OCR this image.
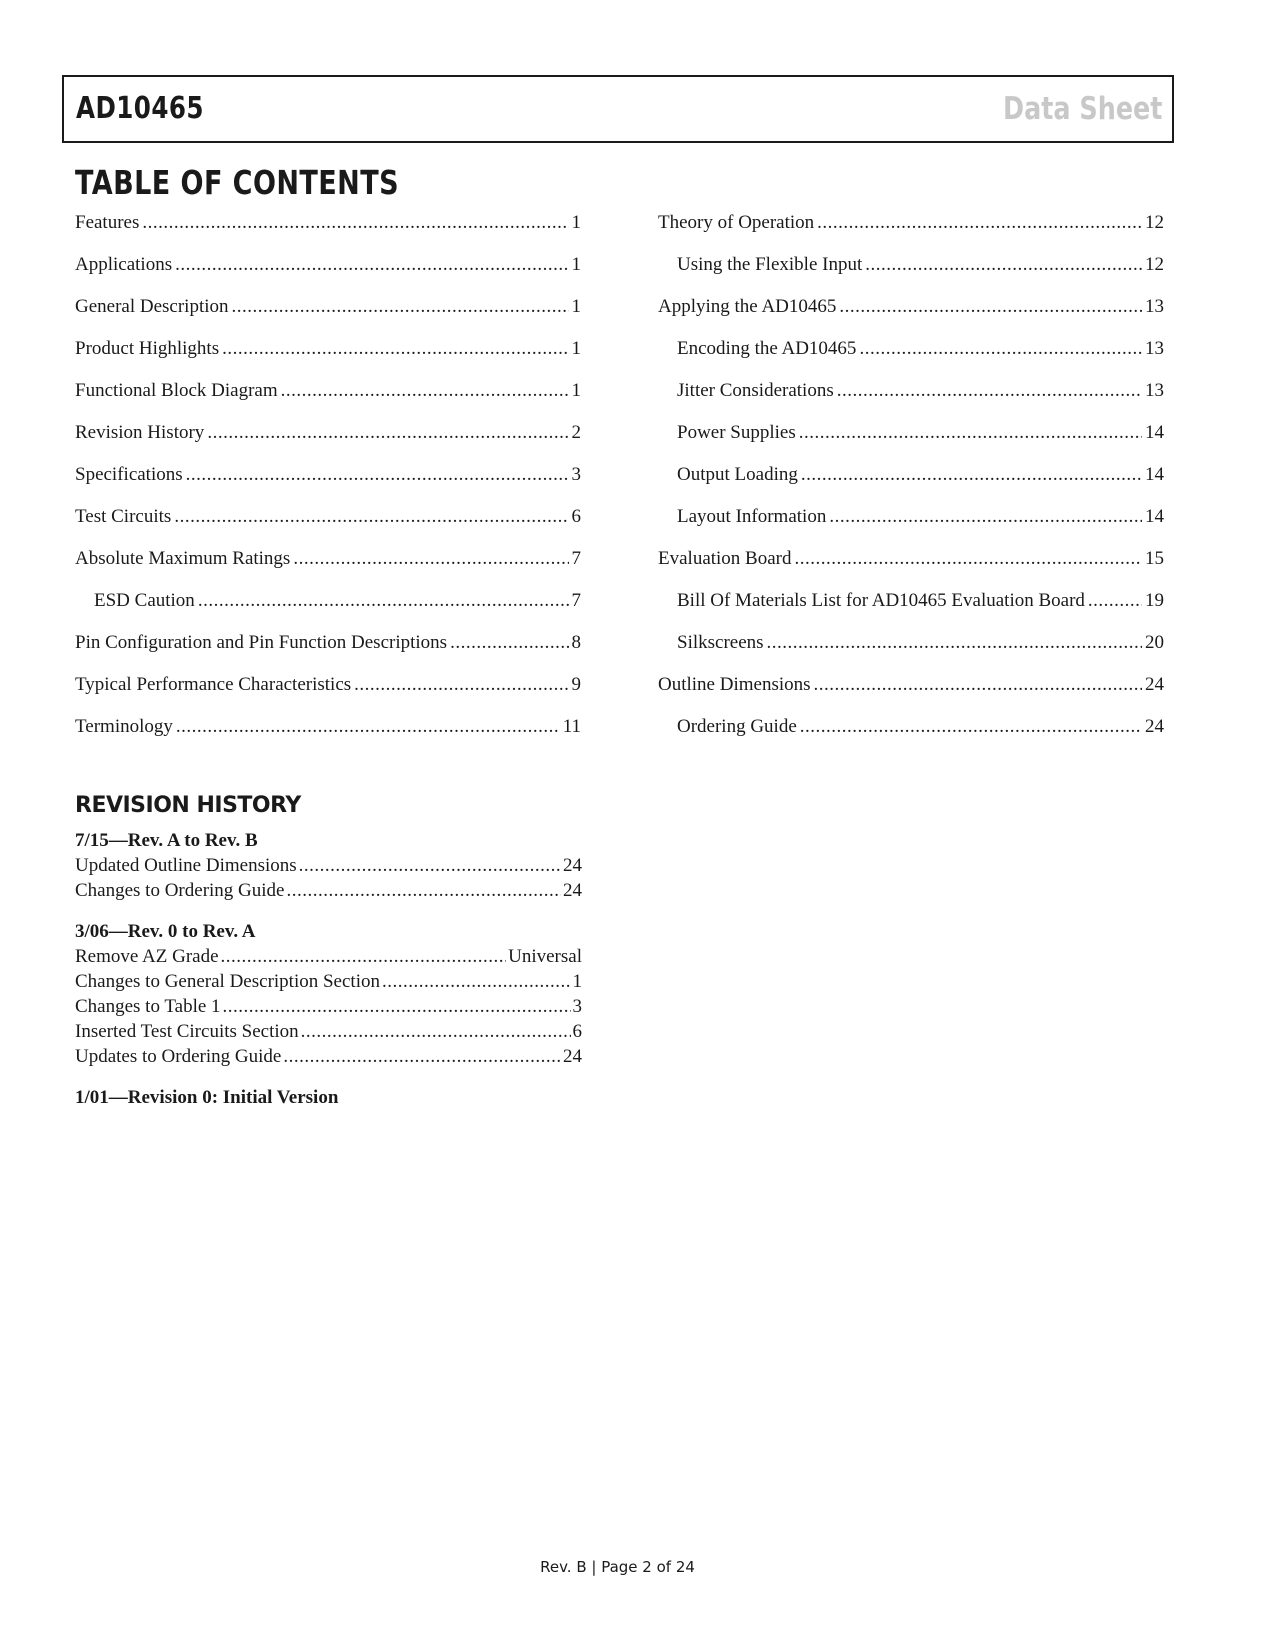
AD10465	Data Sheet
TABLE OF CONTENTS
Features .....	1
Applications .....	1
General Description .....	1
Product Highlights .....	1
Functional Block Diagram .....	1
Revision History .....	2
Specifications .....	3
Test Circuits .....	6
Absolute Maximum Ratings .....	7
ESD Caution .....	7
Pin Configuration and Pin Function Descriptions .....	8
Typical Performance Characteristics .....	9
Terminology .....	11
Theory of Operation .....	12
Using the Flexible Input .....	12
Applying the AD10465 .....	13
Encoding the AD10465 .....	13
Jitter Considerations .....	13
Power Supplies .....	14
Output Loading .....	14
Layout Information .....	14
Evaluation Board .....	15
Bill Of Materials List for AD10465 Evaluation Board .....	19
Silkscreens .....	20
Outline Dimensions .....	24
Ordering Guide .....	24
REVISION HISTORY
7/15—Rev. A to Rev. B
Updated Outline Dimensions .....	24
Changes to Ordering Guide .....	24
3/06—Rev. 0 to Rev. A
Remove AZ Grade .....	Universal
Changes to General Description Section .....	1
Changes to Table 1 .....	3
Inserted Test Circuits Section .....	6
Updates to Ordering Guide .....	24
1/01—Revision 0: Initial Version
Rev. B | Page 2 of 24
